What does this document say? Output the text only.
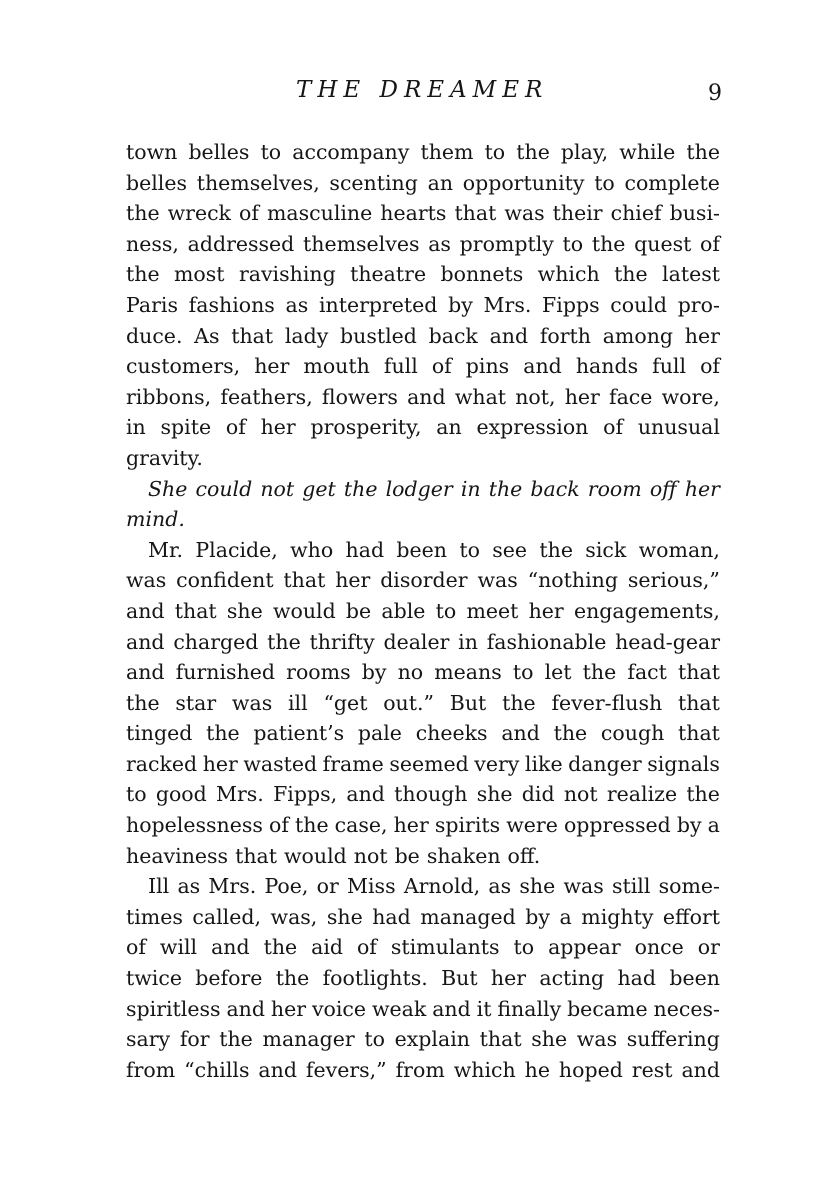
THE DREAMER	9
town belles to accompany them to the play, while the
belles themselves, scenting an opportunity to complete
the wreck of masculine hearts that was their chief busi-
ness, addressed themselves as promptly to the quest of
the most ravishing theatre bonnets which the latest
Paris fashions as interpreted by Mrs. Fipps could pro-
duce. As that lady bustled back and forth among her
customers, her mouth full of pins and hands full of
ribbons, feathers, flowers and what not, her face wore,
in spite of her prosperity, an expression of unusual
gravity.
She could not get the lodger in the back room off her
mind.
Mr. Placide, who had been to see the sick woman,
was confident that her disorder was “nothing serious,”
and that she would be able to meet her engagements,
and charged the thrifty dealer in fashionable head-gear
and furnished rooms by no means to let the fact that
the star was ill “get out.” But the fever-flush that
tinged the patient’s pale cheeks and the cough that
racked her wasted frame seemed very like danger signals
to good Mrs. Fipps, and though she did not realize the
hopelessness of the case, her spirits were oppressed by a
heaviness that would not be shaken off.
Ill as Mrs. Poe, or Miss Arnold, as she was still some-
times called, was, she had managed by a mighty effort
of will and the aid of stimulants to appear once or
twice before the footlights. But her acting had been
spiritless and her voice weak and it finally became neces-
sary for the manager to explain that she was suffering
from “chills and fevers,” from which he hoped rest and
